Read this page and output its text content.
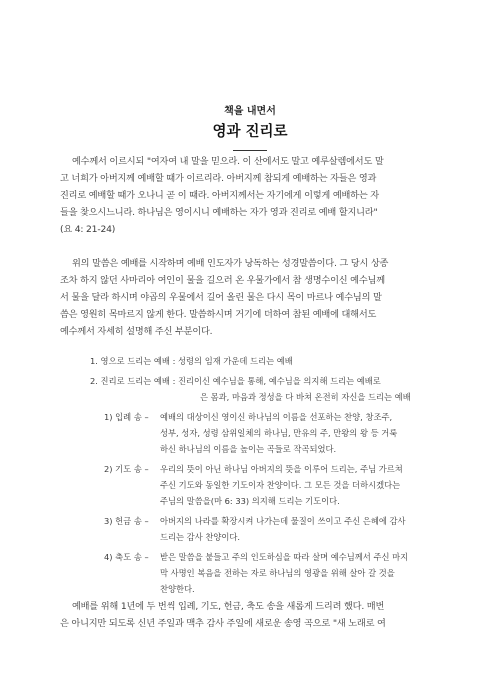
책을 내면서
영과 진리로
예수께서 이르시되 "여자여 내 말을 믿으라. 이 산에서도 말고 예루살렘에서도 말
고 너희가 아버지께 예배할 때가 이르리라. 아버지께 참되게 예배하는 자들은 영과
진리로 예배할 때가 오나니 곧 이 때라. 아버지께서는 자기에게 이렇게 예배하는 자
들을 찾으시느니라. 하나님은 영이시니 예배하는 자가 영과 진리로 예배 할지니라"
(요 4: 21-24)
위의 말씀은 예배를 시작하며 예배 인도자가 낭독하는 성경말씀이다. 그 당시 상종
조차 하지 않던 사마리아 여인이 물을 길으러 온 우물가에서 참 생명수이신 예수님께
서 물을 달라 하시며 야곱의 우물에서 길어 올린 물은 다시 목이 마르나 예수님의 말
씀은 영원히 목마르지 않게 한다. 말씀하시며 거기에 더하여 참된 예배에 대해서도
예수께서 자세히 설명해 주신 부분이다.
1. 영으로 드리는 예배 : 성령의 임재 가운데 드리는 예배
2. 진리로 드리는 예배 : 진리이신 예수님을 통해, 예수님을 의지해 드리는 예배로
은 몸과, 마음과 정성을 다 바쳐 온전히 자신을 드리는 예배
1) 입례 송 –	예배의 대상이신 영이신 하나님의 이름을 선포하는 찬양, 창조주,
성부, 성자, 성령 삼위일체의 하나님, 만유의 주, 만왕의 왕 등 거룩
하신 하나님의 이름을 높이는 곡들로 작곡되었다.
2) 기도 송 –	우리의 뜻이 아닌 하나님 아버지의 뜻을 이루어 드리는, 주님 가르쳐
주신 기도와 동일한 기도이자 찬양이다. 그 모든 것을 더하시겠다는
주님의 말씀을(마 6: 33) 의지해 드리는 기도이다.
3) 헌금 송 –	아버지의 나라를 확장시켜 나가는데 물질이 쓰이고 주신 은혜에 감사
드리는 감사 찬양이다.
4) 축도 송 –	받은 말씀을 붙들고 주의 인도하심을 따라 살며 예수님께서 주신 마지
막 사명인 복음을 전하는 자로 하나님의 영광을 위해 살아 갈 것을
찬양한다.
예배를 위해 1년에 두 번씩 입례, 기도, 헌금, 축도 송을 새롭게 드리려 했다. 매번
은 아니지만 되도록 신년 주일과 맥추 감사 주일에 새로운 송영 곡으로 "새 노래로 여
